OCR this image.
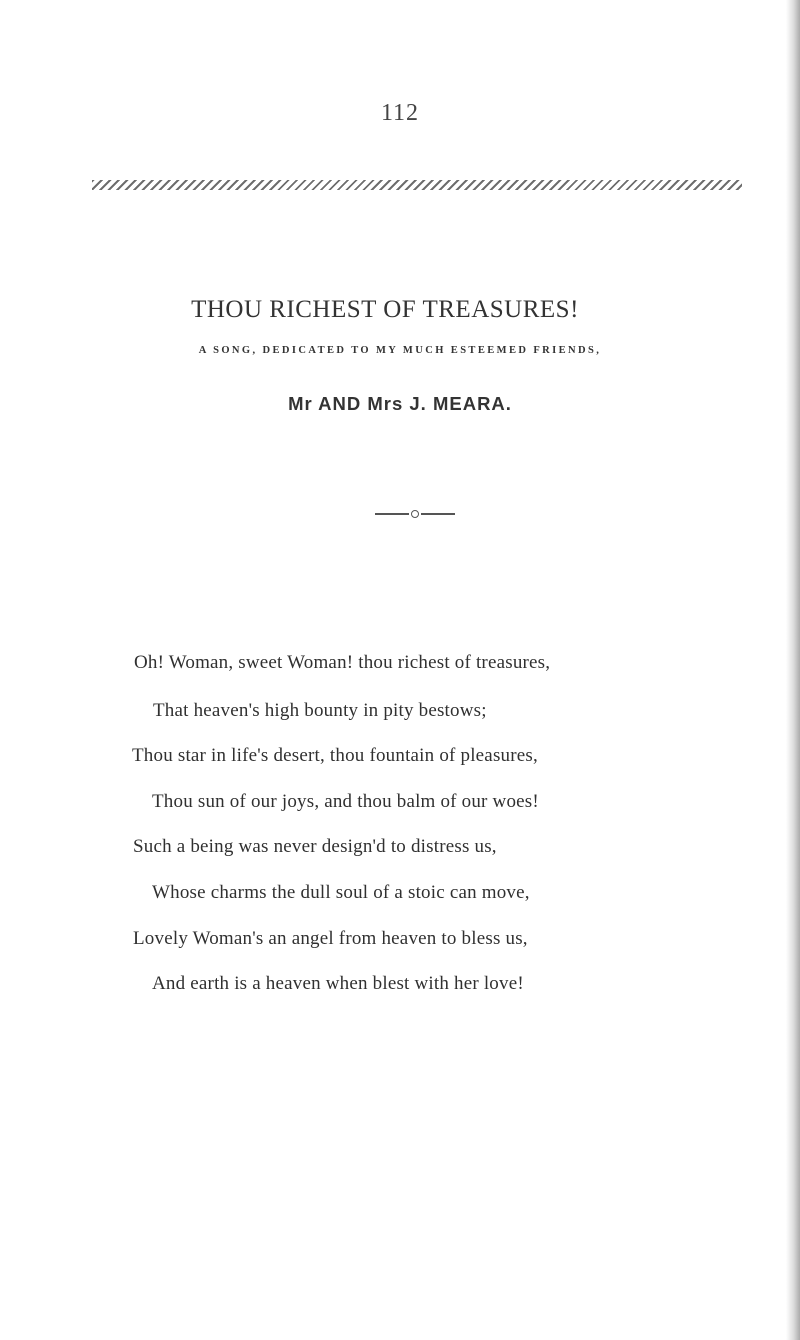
112
THOU RICHEST OF TREASURES!
A SONG, DEDICATED TO MY MUCH ESTEEMED FRIENDS,
Mr AND Mrs J. MEARA.

Oh! Woman, sweet Woman! thou richest of treasures,

That heaven's high bounty in pity bestows;

Thou star in life's desert, thou fountain of pleasures,

Thou sun of our joys, and thou balm of our woes!

Such a being was never design'd to distress us,

Whose charms the dull soul of a stoic can move,

Lovely Woman's an angel from heaven to bless us,

And earth is a heaven when blest with her love!
